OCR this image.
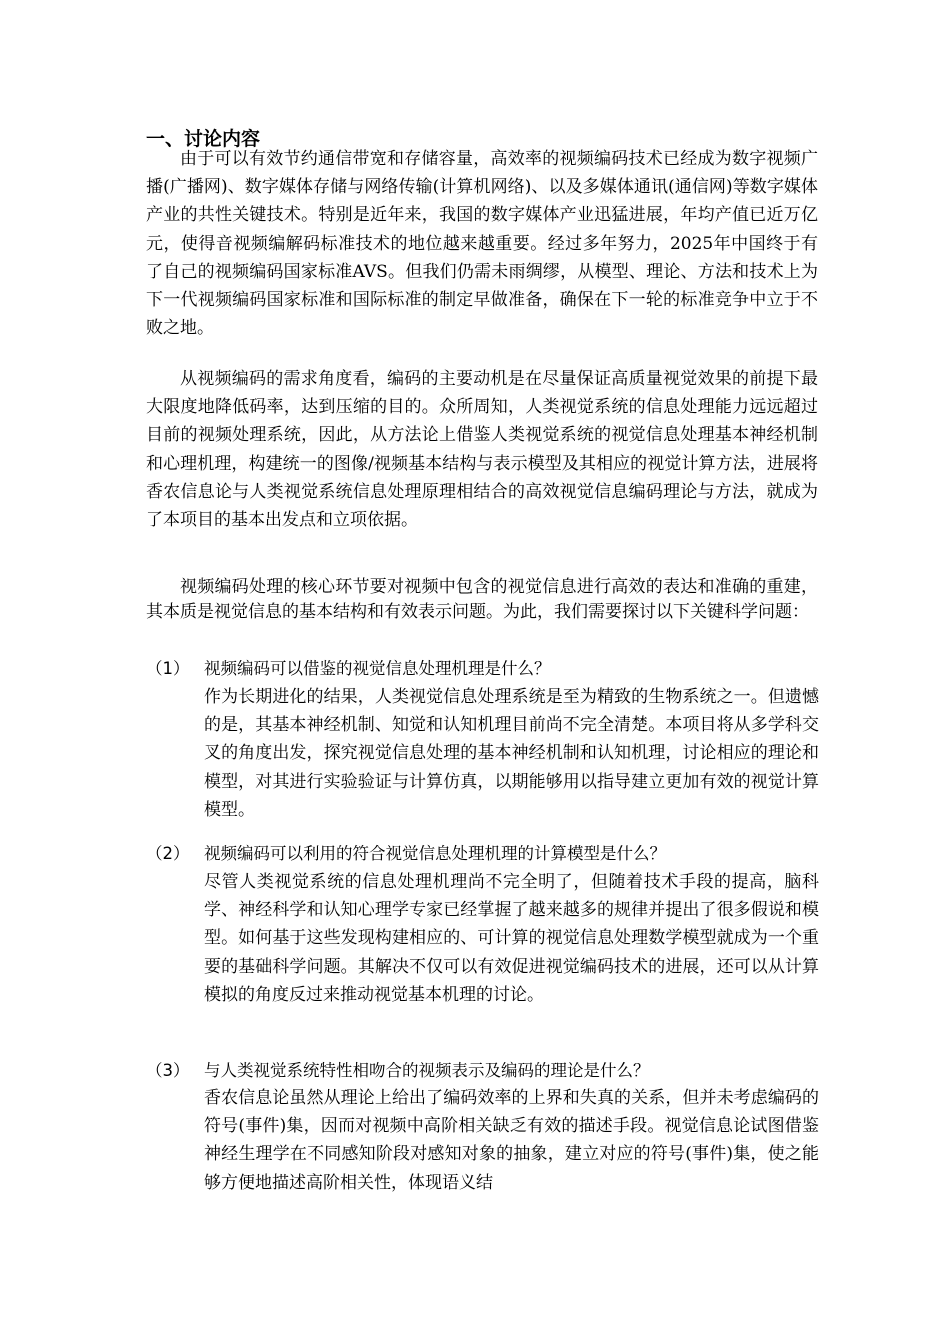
一、讨论内容

由于可以有效节约通信带宽和存储容量，高效率的视频编码技术已经成为数字视频广播(广播网)、数字媒体存储与网络传输(计算机网络)、以及多媒体通讯(通信网)等数字媒体产业的共性关键技术。特别是近年来，我国的数字媒体产业迅猛进展，年均产值已近万亿元，使得音视频编解码标准技术的地位越来越重要。经过多年努力，2025年中国终于有了自己的视频编码国家标准AVS。但我们仍需未雨绸缪，从模型、理论、方法和技术上为下一代视频编码国家标准和国际标准的制定早做准备，确保在下一轮的标准竞争中立于不败之地。

从视频编码的需求角度看，编码的主要动机是在尽量保证高质量视觉效果的前提下最大限度地降低码率，达到压缩的目的。众所周知，人类视觉系统的信息处理能力远远超过目前的视频处理系统，因此，从方法论上借鉴人类视觉系统的视觉信息处理基本神经机制和心理机理，构建统一的图像/视频基本结构与表示模型及其相应的视觉计算方法，进展将香农信息论与人类视觉系统信息处理原理相结合的高效视觉信息编码理论与方法，就成为了本项目的基本出发点和立项依据。

视频编码处理的核心环节要对视频中包含的视觉信息进行高效的表达和准确的重建，其本质是视觉信息的基本结构和有效表示问题。为此，我们需要探讨以下关键科学问题：

（1） 视频编码可以借鉴的视觉信息处理机理是什么？

作为长期进化的结果，人类视觉信息处理系统是至为精致的生物系统之一。但遗憾的是，其基本神经机制、知觉和认知机理目前尚不完全清楚。本项目将从多学科交叉的角度出发，探究视觉信息处理的基本神经机制和认知机理，讨论相应的理论和模型，对其进行实验验证与计算仿真，以期能够用以指导建立更加有效的视觉计算模型。

（2） 视频编码可以利用的符合视觉信息处理机理的计算模型是什么？

尽管人类视觉系统的信息处理机理尚不完全明了，但随着技术手段的提高，脑科学、神经科学和认知心理学专家已经掌握了越来越多的规律并提出了很多假说和模型。如何基于这些发现构建相应的、可计算的视觉信息处理数学模型就成为一个重要的基础科学问题。其解决不仅可以有效促进视觉编码技术的进展，还可以从计算模拟的角度反过来推动视觉基本机理的讨论。

（3） 与人类视觉系统特性相吻合的视频表示及编码的理论是什么？

香农信息论虽然从理论上给出了编码效率的上界和失真的关系，但并未考虑编码的符号(事件)集，因而对视频中高阶相关缺乏有效的描述手段。视觉信息论试图借鉴神经生理学在不同感知阶段对感知对象的抽象，建立对应的符号(事件)集，使之能够方便地描述高阶相关性，体现语义结
